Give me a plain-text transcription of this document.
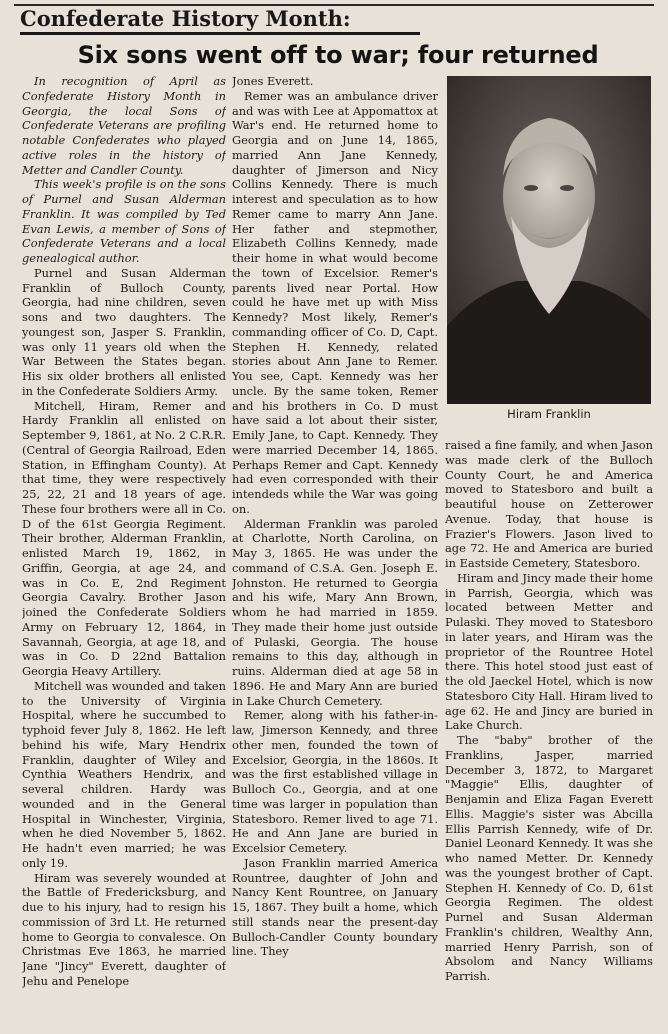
Confederate History Month:
Six sons went off to war; four returned

In recognition of April as Confederate History Month in Georgia, the local Sons of Confederate Veterans are profiling notable Confederates who played active roles in the history of Metter and Candler County.

This week's profile is on the sons of Purnel and Susan Alderman Franklin. It was compiled by Ted Evan Lewis, a member of Sons of Confederate Veterans and a local genealogical author.

Purnel and Susan Alderman Franklin of Bulloch County, Georgia, had nine children, seven sons and two daughters. The youngest son, Jasper S. Franklin, was only 11 years old when the War Between the States began. His six older brothers all enlisted in the Confederate Soldiers Army.

Mitchell, Hiram, Remer and Hardy Franklin all enlisted on September 9, 1861, at No. 2 C.R.R. (Central of Georgia Railroad, Eden Station, in Effingham County). At that time, they were respectively 25, 22, 21 and 18 years of age. These four brothers were all in Co. D of the 61st Georgia Regiment. Their brother, Alderman Franklin, enlisted March 19, 1862, in Griffin, Georgia, at age 24, and was in Co. E, 2nd Regiment Georgia Cavalry. Brother Jason joined the Confederate Soldiers Army on February 12, 1864, in Savannah, Georgia, at age 18, and was in Co. D 22nd Battalion Georgia Heavy Artillery.

Mitchell was wounded and taken to the University of Virginia Hospital, where he succumbed to typhoid fever July 8, 1862. He left behind his wife, Mary Hendrix Franklin, daughter of Wiley and Cynthia Weathers Hendrix, and several children. Hardy was wounded and in the General Hospital in Winchester, Virginia, when he died November 5, 1862. He hadn't even married; he was only 19.

Hiram was severely wounded at the Battle of Fredericksburg, and due to his injury, had to resign his commission of 3rd Lt. He returned home to Georgia to convalesce. On Christmas Eve 1863, he married Jane "Jincy" Everett, daughter of Jehu and Penelope

Jones Everett.

Remer was an ambulance driver and was with Lee at Appomattox at War's end. He returned home to Georgia and on June 14, 1865, married Ann Jane Kennedy, daughter of Jimerson and Nicy Collins Kennedy. There is much interest and speculation as to how Remer came to marry Ann Jane. Her father and stepmother, Elizabeth Collins Kennedy, made their home in what would become the town of Excelsior. Remer's parents lived near Portal. How could he have met up with Miss Kennedy? Most likely, Remer's commanding officer of Co. D, Capt. Stephen H. Kennedy, related stories about Ann Jane to Remer. You see, Capt. Kennedy was her uncle. By the same token, Remer and his brothers in Co. D must have said a lot about their sister, Emily Jane, to Capt. Kennedy. They were married December 14, 1865. Perhaps Remer and Capt. Kennedy had even corresponded with their intendeds while the War was going on.

Alderman Franklin was paroled at Charlotte, North Carolina, on May 3, 1865. He was under the command of C.S.A. Gen. Joseph E. Johnston. He returned to Georgia and his wife, Mary Ann Brown, whom he had married in 1859. They made their home just outside of Pulaski, Georgia. The house remains to this day, although in ruins. Alderman died at age 58 in 1896. He and Mary Ann are buried in Lake Church Cemetery.

Remer, along with his father-in-law, Jimerson Kennedy, and three other men, founded the town of Excelsior, Georgia, in the 1860s. It was the first established village in Bulloch Co., Georgia, and at one time was larger in population than Statesboro. Remer lived to age 71. He and Ann Jane are buried in Excelsior Cemetery.

Jason Franklin married America Rountree, daughter of John and Nancy Kent Rountree, on January 15, 1867. They built a home, which still stands near the present-day Bulloch-Candler County boundary line. They

Hiram Franklin

raised a fine family, and when Jason was made clerk of the Bulloch County Court, he and America moved to Statesboro and built a beautiful house on Zetterower Avenue. Today, that house is Frazier's Flowers. Jason lived to age 72. He and America are buried in Eastside Cemetery, Statesboro.

Hiram and Jincy made their home in Parrish, Georgia, which was located between Metter and Pulaski. They moved to Statesboro in later years, and Hiram was the proprietor of the Rountree Hotel there. This hotel stood just east of the old Jaeckel Hotel, which is now Statesboro City Hall. Hiram lived to age 62. He and Jincy are buried in Lake Church.

The "baby" brother of the Franklins, Jasper, married December 3, 1872, to Margaret "Maggie" Ellis, daughter of Benjamin and Eliza Fagan Everett Ellis. Maggie's sister was Abcilla Ellis Parrish Kennedy, wife of Dr. Daniel Leonard Kennedy. It was she who named Metter. Dr. Kennedy was the youngest brother of Capt. Stephen H. Kennedy of Co. D, 61st Georgia Regimen. The oldest Purnel and Susan Alderman Franklin's children, Wealthy Ann, married Henry Parrish, son of Absolom and Nancy Williams Parrish.
